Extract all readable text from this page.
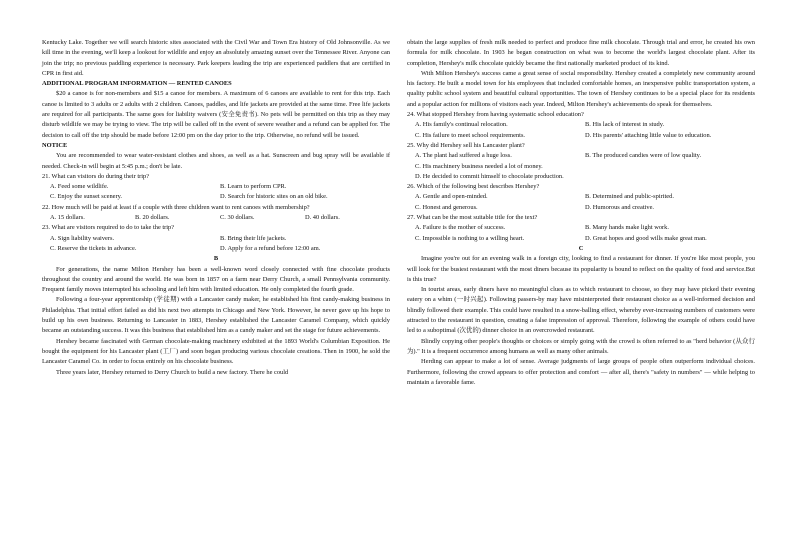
Kentucky Lake. Together we will search historic sites associated with the Civil War and Town Era history of Old Johnsonville. As we kill time in the evening, we'll keep a lookout for wildlife and enjoy an absolutely amazing sunset over the Tennessee River. Anyone can join the trip; no previous paddling experience is necessary. Park keepers leading the trip are experienced paddlers that are certified in CPR in first aid.

ADDITIONAL PROGRAM INFORMATION — RENTED CANOES

$20 a canoe is for non-members and $15 a canoe for members. A maximum of 6 canoes are available to rent for this trip. Each canoe is limited to 3 adults or 2 adults with 2 children. Canoes, paddles, and life jackets are provided at the same time. Free life jackets are required for all participants. The same goes for liability waivers (安全免责书). No pets will be permitted on this trip as they may disturb wildlife we may be trying to view. The trip will be called off in the event of severe weather and a refund can be applied for. The decision to call off the trip should be made before 12:00 pm on the day prior to the trip. Otherwise, no refund will be issued.

NOTICE

You are recommended to wear water-resistant clothes and shoes, as well as a hat. Sunscreen and bug spray will be available if needed. Check-in will begin at 5:45 p.m.; don't be late.

21. What can visitors do during their trip?

A. Feed some wildlife.	B. Learn to perform CPR.
C. Enjoy the sunset scenery.	D. Search for historic sites on an old bike.

22. How much will be paid at least if a couple with three children want to rent canoes with membership?

A. 15 dollars.	B. 20 dollars.	C. 30 dollars.	D. 40 dollars.

23. What are visitors required to do to take the trip?

A. Sign liability waivers.	B. Bring their life jackets.
C. Reserve the tickets in advance.	D. Apply for a refund before 12:00 am.

B

For generations, the name Milton Hershey has been a well-known word closely connected with fine chocolate products throughout the country and around the world. He was born in 1857 on a farm near Derry Church, a small Pennsylvania community. Frequent family moves interrupted his schooling and left him with limited education. He only completed the fourth grade.

Following a four-year apprenticeship (学徒期) with a Lancaster candy maker, he established his first candy-making business in Philadelphia. That initial effort failed as did his next two attempts in Chicago and New York. However, he never gave up his hope to build up his own business. Returning to Lancaster in 1883, Hershey established the Lancaster Caramel Company, which quickly became an outstanding success. It was this business that established him as a candy maker and set the stage for future achievements.

Hershey became fascinated with German chocolate-making machinery exhibited at the 1893 World's Columbian Exposition. He bought the equipment for his Lancaster plant (工厂) and soon began producing various chocolate creations. Then in 1900, he sold the Lancaster Caramel Co. in order to focus entirely on his chocolate business.

Three years later, Hershey returned to Derry Church to build a new factory. There he could

obtain the large supplies of fresh milk needed to perfect and produce fine milk chocolate. Through trial and error, he created his own formula for milk chocolate. In 1903 he began construction on what was to become the world's largest chocolate plant. After its completion, Hershey's milk chocolate quickly became the first nationally marketed product of its kind.

With Milton Hershey's success came a great sense of social responsibility. Hershey created a completely new community around his factory. He built a model town for his employees that included comfortable homes, an inexpensive public transportation system, a quality public school system and beautiful cultural opportunities. The town of Hershey continues to be a special place for its residents and a popular action for millions of visitors each year. Indeed, Milton Hershey's achievements do speak for themselves.

24. What stopped Hershey from having systematic school education?

A. His family's continual relocation.	B. His lack of interest in study.
C. His failure to meet school requirements.	D. His parents' attaching little value to education.

25. Why did Hershey sell his Lancaster plant?

A. The plant had suffered a huge loss.	B. The produced candies were of low quality.
C. His machinery business needed a lot of money.
D. He decided to commit himself to chocolate production.

26. Which of the following best describes Hershey?

A. Gentle and open-minded.	B. Determined and public-spirited.
C. Honest and generous.	D. Humorous and creative.

27. What can be the most suitable title for the text?

A. Failure is the mother of success.	B. Many hands make light work.
C. Impossible is nothing to a willing heart.	D. Great hopes and good wills make great man.

C

Imagine you're out for an evening walk in a foreign city, looking to find a restaurant for dinner. If you're like most people, you will look for the busiest restaurant with the most diners because its popularity is bound to reflect on the quality of food and service.But is this true?

In tourist areas, early diners have no meaningful clues as to which restaurant to choose, so they may have picked their evening eatery on a whim (一时兴起). Following passers-by may have misinterpreted their restaurant choice as a well-informed decision and blindly followed their example. This could have resulted in a snow-balling effect, whereby ever-increasing numbers of customers were attracted to the restaurant in question, creating a false impression of approval. Therefore, following the example of others could have led to a suboptimal (次优的) dinner choice in an overcrowded restaurant.

Blindly copying other people's thoughts or choices or simply going with the crowd is often referred to as "herd behavior (从众行为)." It is a frequent occurrence among humans as well as many other animals.

Herding can appear to make a lot of sense. Average judgments of large groups of people often outperform individual choices. Furthermore, following the crowd appears to offer protection and comfort — after all, there's "safety in numbers" — while helping to maintain a favorable fame.
